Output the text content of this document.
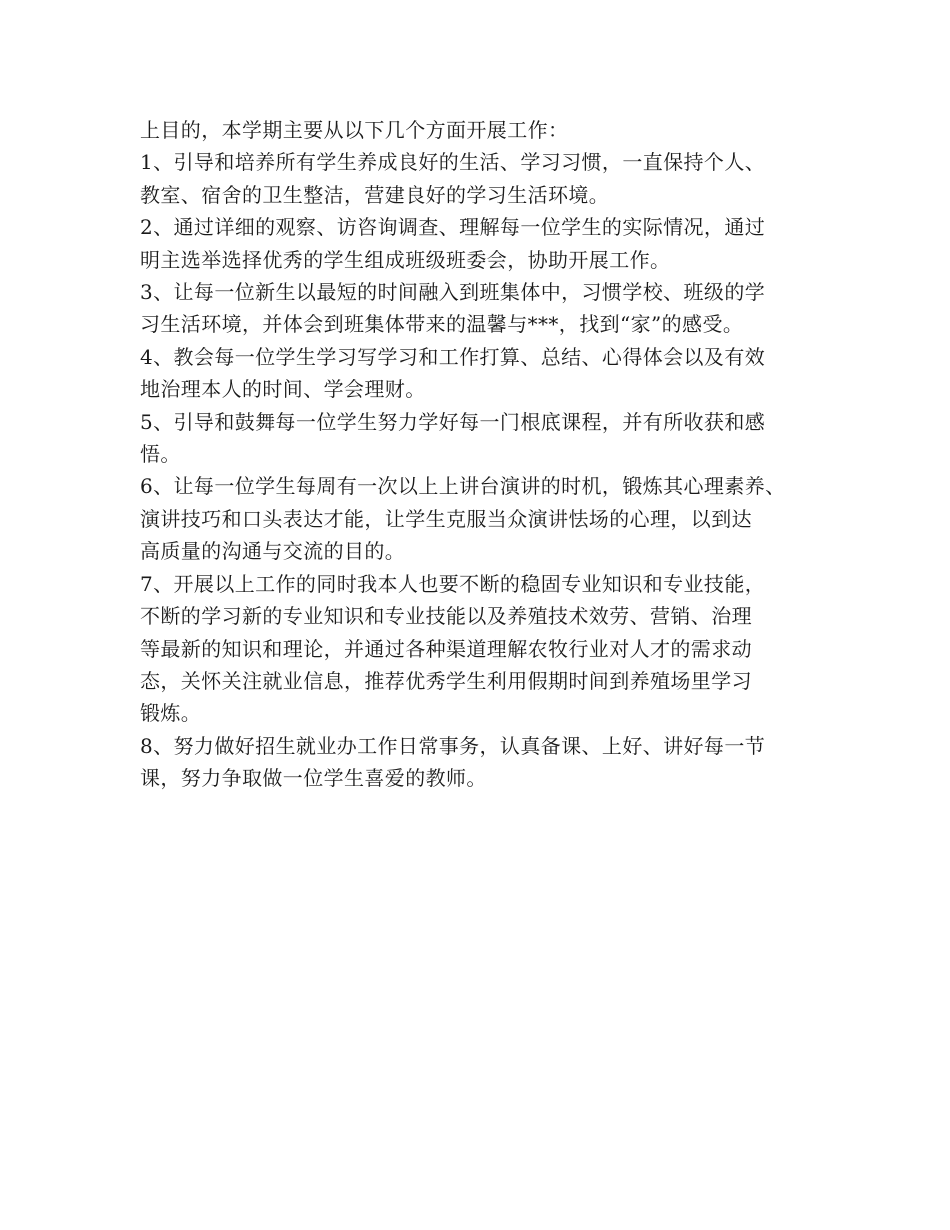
上目的，本学期主要从以下几个方面开展工作：

1、引导和培养所有学生养成良好的生活、学习习惯，一直保持个人、

教室、宿舍的卫生整洁，营建良好的学习生活环境。

2、通过详细的观察、访咨询调查、理解每一位学生的实际情况，通过

明主选举选择优秀的学生组成班级班委会，协助开展工作。

3、让每一位新生以最短的时间融入到班集体中，习惯学校、班级的学

习生活环境，并体会到班集体带来的温馨与***，找到“家”的感受。

4、教会每一位学生学习写学习和工作打算、总结、心得体会以及有效

地治理本人的时间、学会理财。

5、引导和鼓舞每一位学生努力学好每一门根底课程，并有所收获和感

悟。

6、让每一位学生每周有一次以上上讲台演讲的时机，锻炼其心理素养、

演讲技巧和口头表达才能，让学生克服当众演讲怯场的心理，以到达

高质量的沟通与交流的目的。

7、开展以上工作的同时我本人也要不断的稳固专业知识和专业技能，

不断的学习新的专业知识和专业技能以及养殖技术效劳、营销、治理

等最新的知识和理论，并通过各种渠道理解农牧行业对人才的需求动

态，关怀关注就业信息，推荐优秀学生利用假期时间到养殖场里学习

锻炼。

8、努力做好招生就业办工作日常事务，认真备课、上好、讲好每一节

课，努力争取做一位学生喜爱的教师。
